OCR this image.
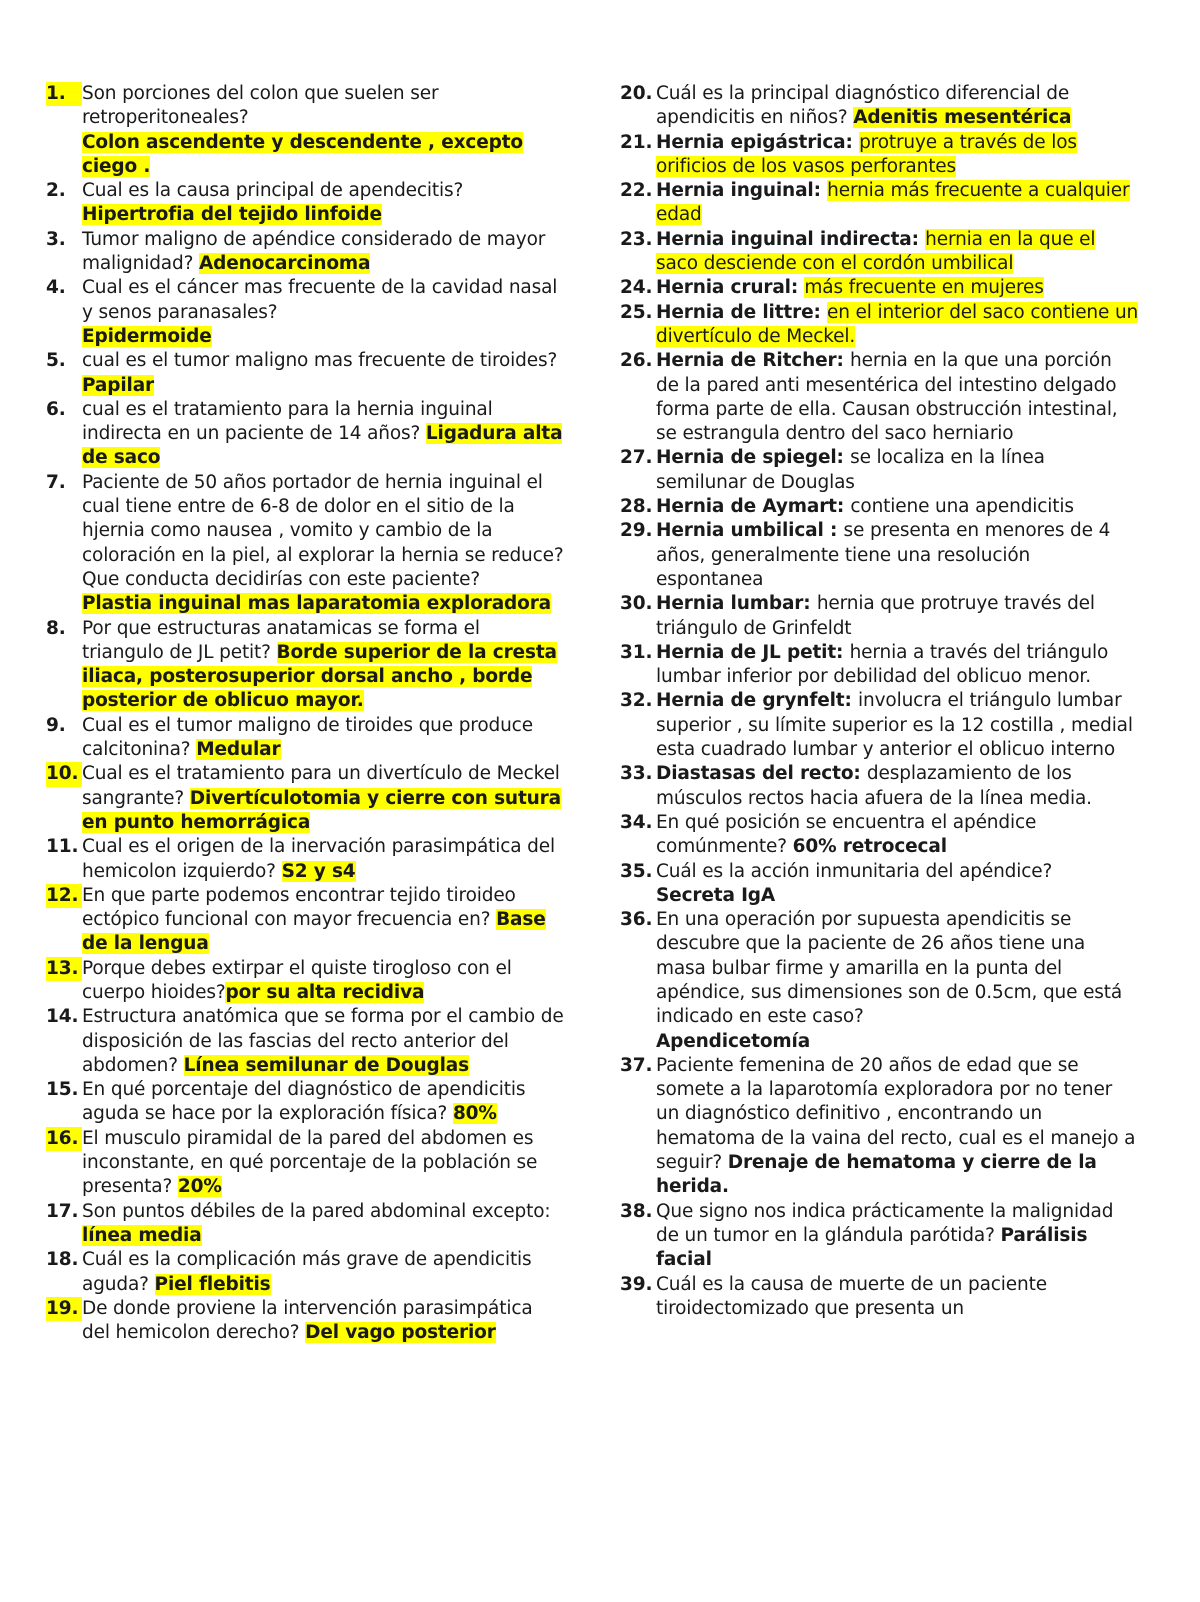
1. Son porciones del colon que suelen ser retroperitoneales?
Colon ascendente y descendente , excepto ciego .

2. Cual es la causa principal de apendecitis?
Hipertrofia del tejido linfoide

3. Tumor maligno de apéndice considerado de mayor malignidad? Adenocarcinoma

4. Cual es el cáncer mas frecuente de la cavidad nasal y senos paranasales?
Epidermoide

5. cual es el tumor maligno mas frecuente de tiroides? Papilar

6. cual es el tratamiento para la hernia inguinal indirecta en un paciente de 14 años? Ligadura alta de saco

7. Paciente de 50 años portador de hernia inguinal el cual tiene entre de 6-8 de dolor en el sitio de la hjernia como nausea , vomito y cambio de la coloración en la piel, al explorar la hernia se reduce? Que conducta decidirías con este paciente?
Plastia inguinal mas laparatomia exploradora

8. Por que estructuras anatamicas se forma el triangulo de JL petit? Borde superior de la cresta iliaca, posterosuperior dorsal ancho , borde posterior de oblicuo mayor.

9. Cual es el tumor maligno de tiroides que produce calcitonina? Medular

10. Cual es el tratamiento para un divertículo de Meckel sangrante? Divertículotomia y cierre con sutura en punto hemorrágica

11. Cual es el origen de la inervación parasimpática del hemicolon izquierdo? S2 y s4

12. En que parte podemos encontrar tejido tiroideo ectópico funcional con mayor frecuencia en? Base de la lengua

13. Porque debes extirpar el quiste tirogloso con el cuerpo hioides?por su alta recidiva

14. Estructura anatómica que se forma por el cambio de disposición de las fascias del recto anterior del abdomen? Línea semilunar de Douglas

15. En qué porcentaje del diagnóstico de apendicitis aguda se hace por la exploración física? 80%

16. El musculo piramidal de la pared del abdomen es inconstante, en qué porcentaje de la población se presenta? 20%

17. Son puntos débiles de la pared abdominal excepto: línea media

18. Cuál es la complicación más grave de apendicitis aguda? Piel flebitis

19. De donde proviene la intervención parasimpática del hemicolon derecho? Del vago posterior

20. Cuál es la principal diagnóstico diferencial de apendicitis en niños? Adenitis mesentérica

21. Hernia epigástrica: protruye a través de los orificios de los vasos perforantes

22. Hernia inguinal: hernia más frecuente a cualquier edad

23. Hernia inguinal indirecta: hernia en la que el saco desciende con el cordón umbilical

24. Hernia crural: más frecuente en mujeres

25. Hernia de littre: en el interior del saco contiene un divertículo de Meckel.

26. Hernia de Ritcher: hernia en la que una porción de la pared anti mesentérica del intestino delgado forma parte de ella. Causan obstrucción intestinal, se estrangula dentro del saco herniario

27. Hernia de spiegel: se localiza en la línea semilunar de Douglas

28. Hernia de Aymart: contiene una apendicitis

29. Hernia umbilical : se presenta en menores de 4 años, generalmente tiene una resolución espontanea

30. Hernia lumbar: hernia que protruye través del triángulo de Grinfeldt

31. Hernia de JL petit: hernia a través del triángulo lumbar inferior por debilidad del oblicuo menor.

32. Hernia de grynfelt: involucra el triángulo lumbar superior , su límite superior es la 12 costilla , medial esta cuadrado lumbar y anterior el oblicuo interno

33. Diastasas del recto: desplazamiento de los músculos rectos hacia afuera de la línea media.

34. En qué posición se encuentra el apéndice comúnmente? 60% retrocecal

35. Cuál es la acción inmunitaria del apéndice?
Secreta IgA

36. En una operación por supuesta apendicitis se descubre que la paciente de 26 años tiene una masa bulbar firme y amarilla en la punta del apéndice, sus dimensiones son de 0.5cm, que está indicado en este caso?
Apendicetomía

37. Paciente femenina de 20 años de edad que se somete a la laparotomía exploradora por no tener un diagnóstico definitivo , encontrando un hematoma de la vaina del recto, cual es el manejo a seguir? Drenaje de hematoma y cierre de la herida.

38. Que signo nos indica prácticamente la malignidad de un tumor en la glándula parótida? Parálisis facial

39. Cuál es la causa de muerte de un paciente tiroidectomizado que presenta un
